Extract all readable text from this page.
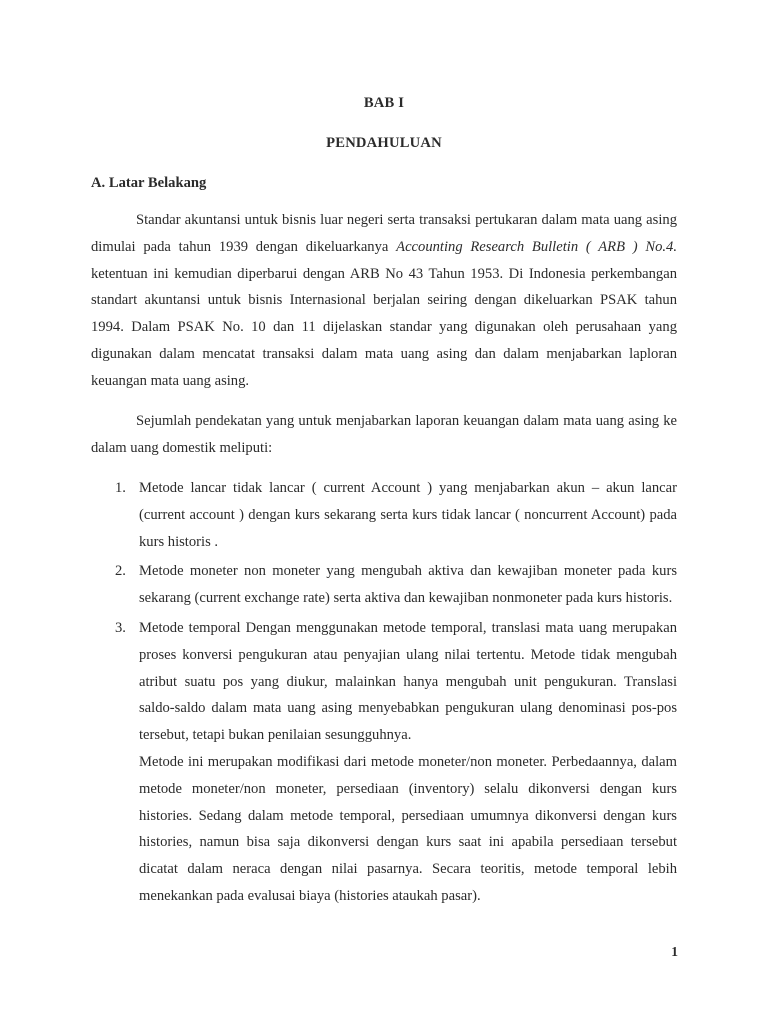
BAB I
PENDAHULUAN
A. Latar Belakang

Standar akuntansi untuk bisnis luar negeri serta transaksi pertukaran dalam mata uang asing dimulai pada tahun 1939 dengan dikeluarkanya Accounting Research Bulletin ( ARB ) No.4. ketentuan ini kemudian diperbarui dengan ARB No 43 Tahun 1953. Di Indonesia perkembangan standart akuntansi untuk bisnis Internasional berjalan seiring dengan dikeluarkan PSAK tahun 1994. Dalam PSAK No. 10 dan 11 dijelaskan standar yang digunakan oleh perusahaan yang digunakan dalam mencatat transaksi dalam mata uang asing dan dalam menjabarkan laploran keuangan mata uang asing.

Sejumlah pendekatan yang untuk menjabarkan laporan keuangan dalam mata uang asing ke dalam uang domestik meliputi:

1. Metode lancar tidak lancar ( current Account ) yang menjabarkan akun – akun lancar (current account ) dengan kurs sekarang serta kurs tidak lancar ( noncurrent Account) pada kurs historis .
2. Metode moneter non moneter yang mengubah aktiva dan kewajiban moneter pada kurs sekarang (current exchange rate) serta aktiva dan kewajiban nonmoneter pada kurs historis.
3. Metode temporal Dengan menggunakan metode temporal, translasi mata uang merupakan proses konversi pengukuran atau penyajian ulang nilai tertentu. Metode tidak mengubah atribut suatu pos yang diukur, malainkan hanya mengubah unit pengukuran. Translasi saldo-saldo dalam mata uang asing menyebabkan pengukuran ulang denominasi pos-pos tersebut, tetapi bukan penilaian sesungguhnya.

Metode ini merupakan modifikasi dari metode moneter/non moneter. Perbedaannya, dalam metode moneter/non moneter, persediaan (inventory) selalu dikonversi dengan kurs histories. Sedang dalam metode temporal, persediaan umumnya dikonversi dengan kurs histories, namun bisa saja dikonversi dengan kurs saat ini apabila persediaan tersebut dicatat dalam neraca dengan nilai pasarnya. Secara teoritis, metode temporal lebih menekankan pada evalusai biaya (histories ataukah pasar).

1
